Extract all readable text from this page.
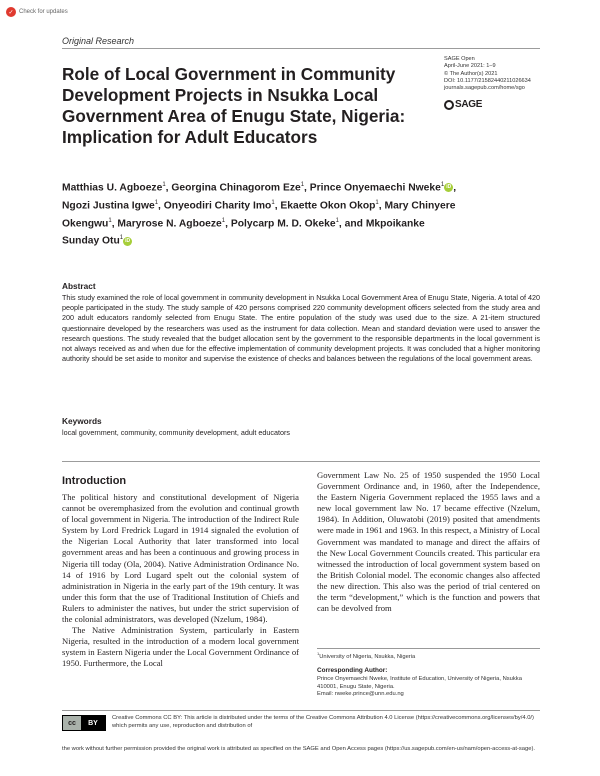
✓ Check for updates
Original Research
Role of Local Government in Community Development Projects in Nsukka Local Government Area of Enugu State, Nigeria: Implication for Adult Educators
SAGE Open
April-June 2021: 1–9
© The Author(s) 2021
DOI: 10.1177/21582440211026634
journals.sagepub.com/home/sgo
SAGE
Matthias U. Agboeze$^1$, Georgina Chinagorom Eze$^1$, Prince Onyemaechi Nweke$^1$ iD , Ngozi Justina Igwe$^1$, Onyeodiri Charity Imo$^1$, Ekaette Okon Okop$^1$, Mary Chinyere Okengwu$^1$, Maryrose N. Agboeze$^1$, Polycarp M. D. Okeke$^1$, and Mkpoikanke Sunday Otu$^1$ iD
Abstract

This study examined the role of local government in community development in Nsukka Local Government Area of Enugu State, Nigeria. A total of 420 people participated in the study. The study sample of 420 persons comprised 220 community development officers selected from the study area and 200 adult educators randomly selected from Enugu State. The entire population of the study was used due to the size. A 21-item structured questionnaire developed by the researchers was used as the instrument for data collection. Mean and standard deviation were used to answer the research questions. The study revealed that the budget allocation sent by the government to the responsible departments in the local government is not always received as and when due for the effective implementation of community development projects. It was concluded that a higher monitoring authority should be set aside to monitor and supervise the existence of checks and balances between the regulations of the local government areas.

Keywords
local government, community, community development, adult educators
Introduction

The political history and constitutional development of Nigeria cannot be overemphasized from the evolution and continual growth of local government in Nigeria. The introduction of the Indirect Rule System by Lord Fredrick Lugard in 1914 signaled the evolution of the Nigerian Local Authority that later transformed into local government areas and has been a continuous and growing process in Nigeria till today (Ola, 2004). Native Administration Ordinance No. 14 of 1916 by Lord Lugard spelt out the colonial system of administration in Nigeria in the early part of the 19th century. It was under this form that the use of Traditional Institution of Chiefs and Rulers to administer the natives, but under the strict supervision of the colonial administrators, was developed (Nzelum, 1984).

The Native Administration System, particularly in Eastern Nigeria, resulted in the introduction of a modern local government system in Eastern Nigeria under the Local Government Ordinance of 1950. Furthermore, the Local

Government Law No. 25 of 1950 suspended the 1950 Local Government Ordinance and, in 1960, after the Independence, the Eastern Nigeria Government replaced the 1955 laws and a new local government law No. 17 became effective (Nzelum, 1984). In Addition, Oluwatobi (2019) posited that amendments were made in 1961 and 1963. In this respect, a Ministry of Local Government was mandated to manage and direct the affairs of the New Local Government Councils created. This particular era witnessed the introduction of local government system based on the British Colonial model. The economic changes also affected the new direction. This also was the period of trial centered on the term “development,” which is the function and powers that can be devolved from

$^1$University of Nigeria, Nsukka, Nigeria
Corresponding Author:
Prince Onyemaechi Nweke, Institute of Education, University of Nigeria, Nsukka 410001, Enugu State, Nigeria.
Email: nweke.prince@unn.edu.ng
cc	BY
Creative Commons CC BY: This article is distributed under the terms of the Creative Commons Attribution 4.0 License (https://creativecommons.org/licenses/by/4.0/) which permits any use, reproduction and distribution of
the work without further permission provided the original work is attributed as specified on the SAGE and Open Access pages (https://us.sagepub.com/en-us/nam/open-access-at-sage).
